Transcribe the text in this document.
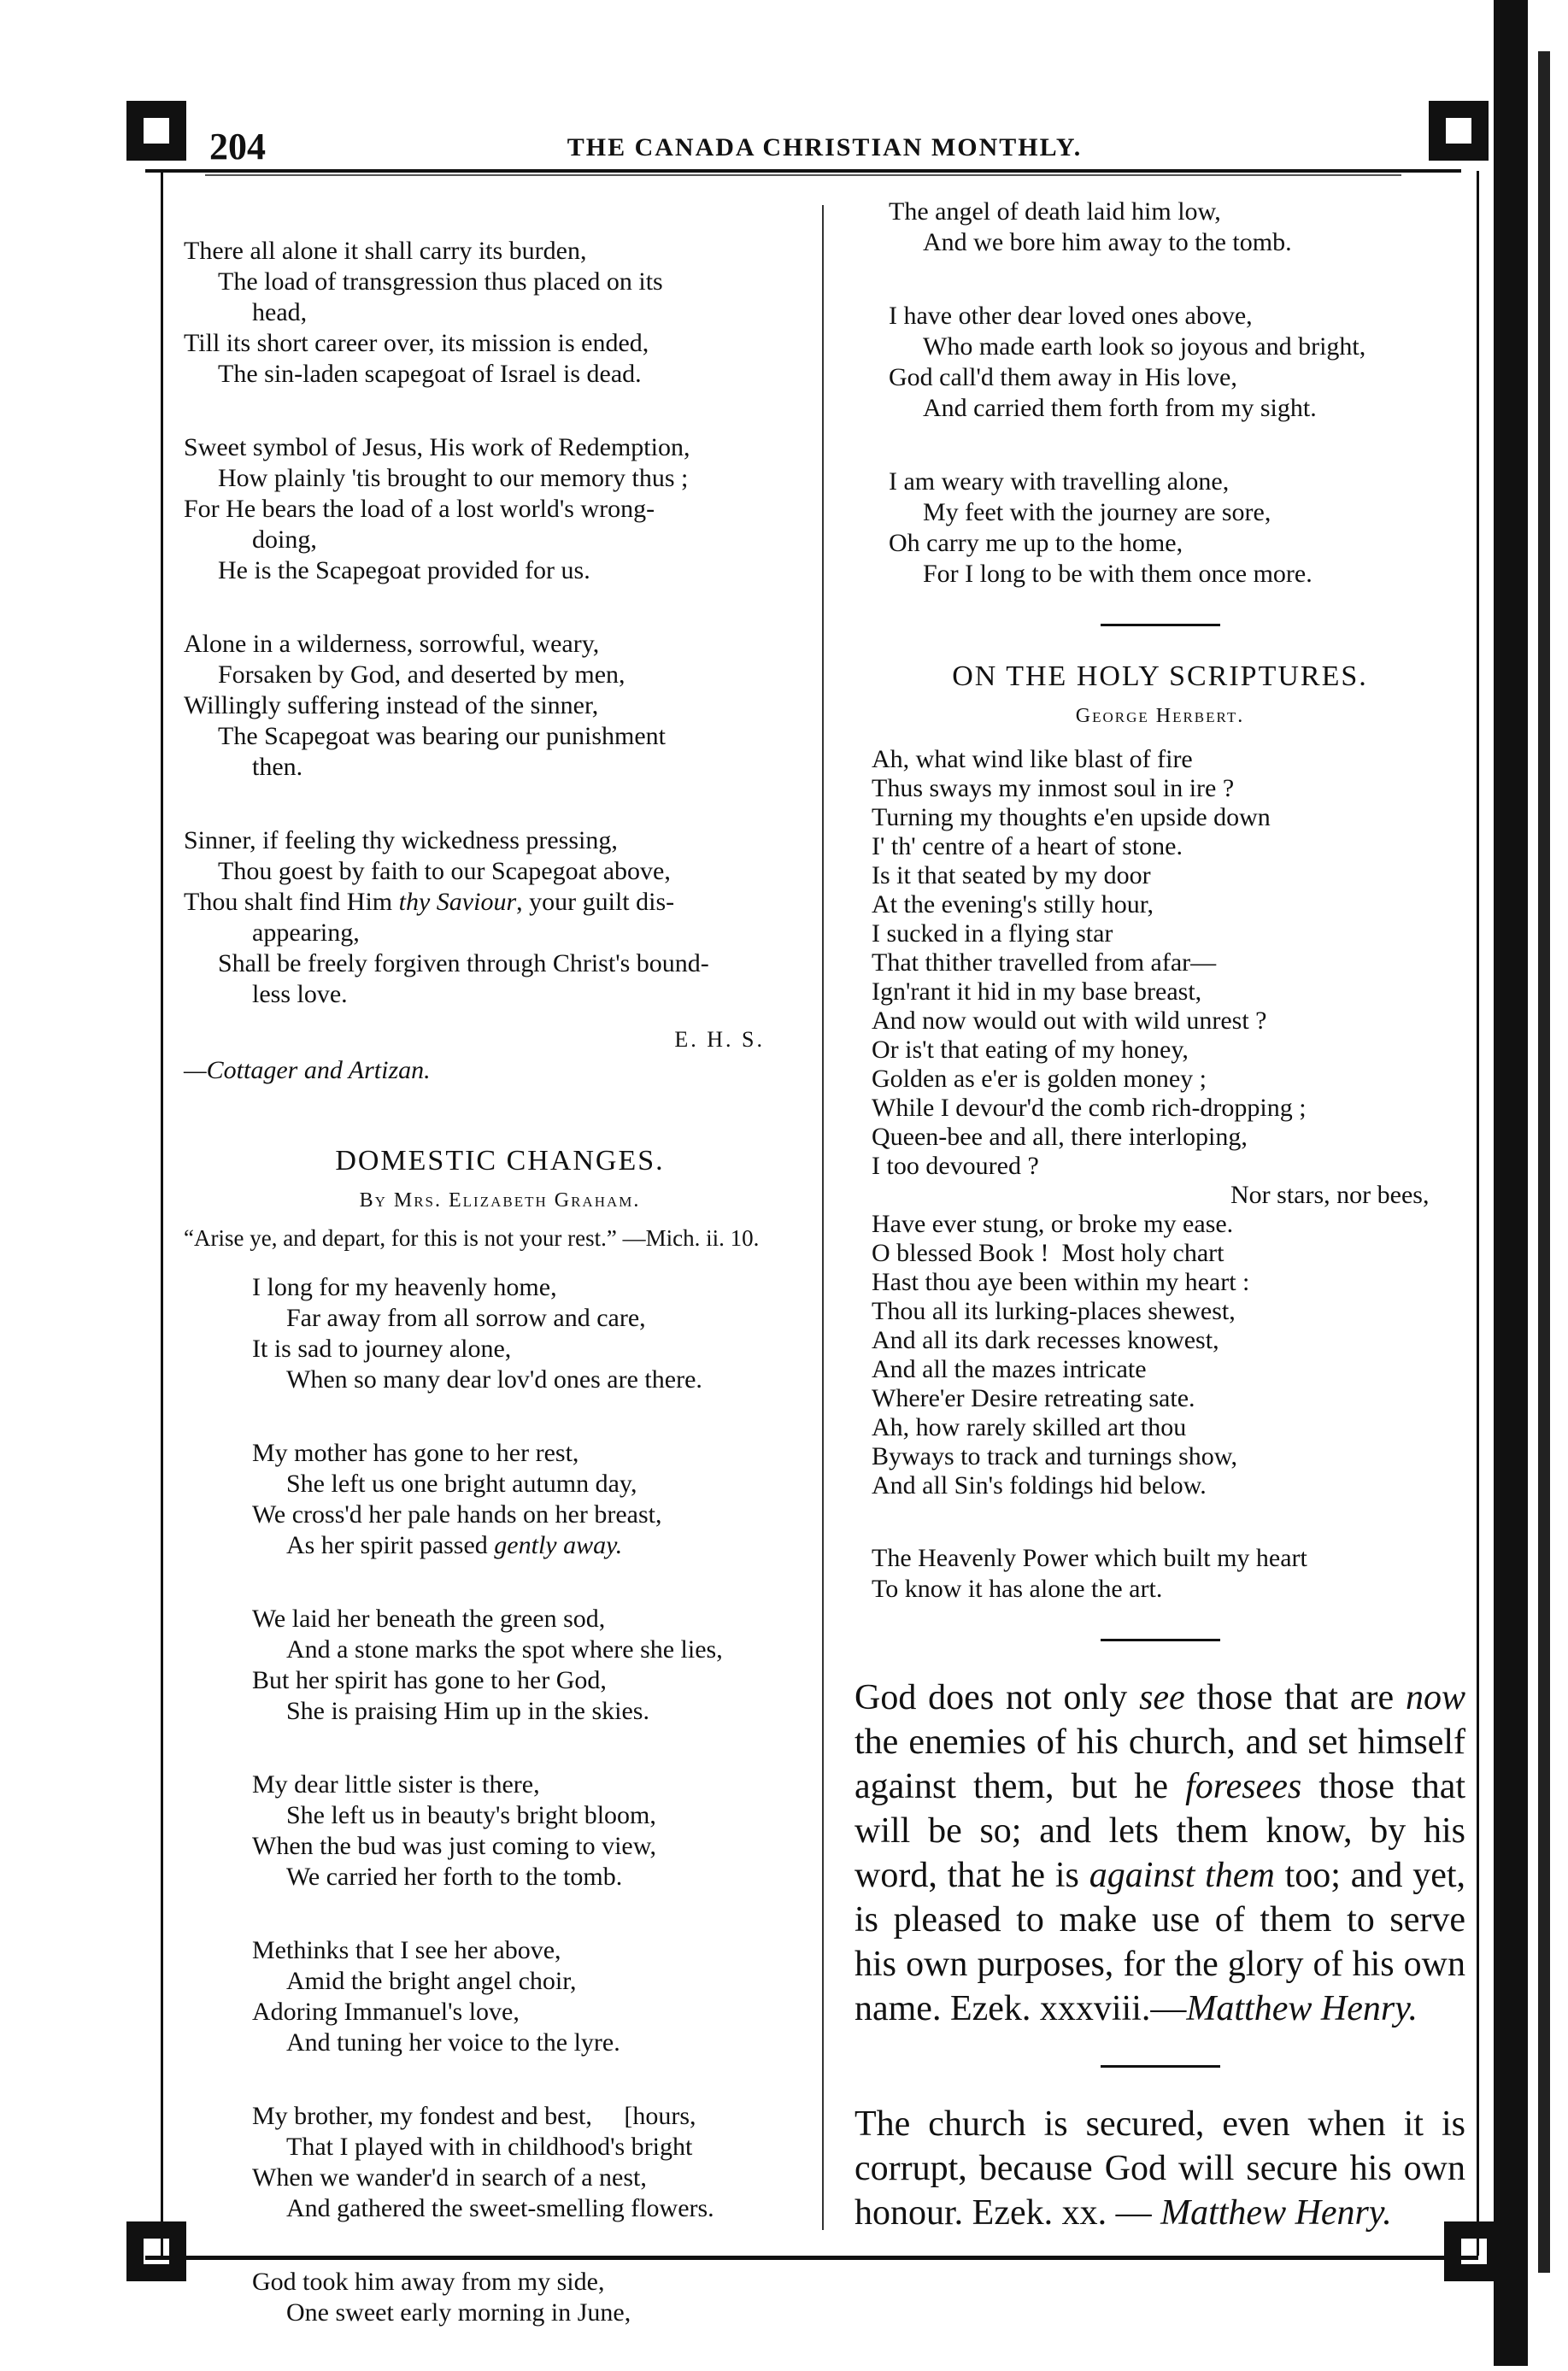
204	THE CANADA CHRISTIAN MONTHLY.
There all alone it shall carry its burden,
The load of transgression thus placed on its
head,
Till its short career over, its mission is ended,
The sin-laden scapegoat of Israel is dead.
Sweet symbol of Jesus, His work of Redemption,
How plainly 'tis brought to our memory thus ;
For He bears the load of a lost world's wrong-
doing,
He is the Scapegoat provided for us.
Alone in a wilderness, sorrowful, weary,
Forsaken by God, and deserted by men,
Willingly suffering instead of the sinner,
The Scapegoat was bearing our punishment
then.
Sinner, if feeling thy wickedness pressing,
Thou goest by faith to our Scapegoat above,
Thou shalt find Him thy Saviour, your guilt dis-
appearing,
Shall be freely forgiven through Christ's bound-
less love.
E. H. S.
—Cottager and Artizan.
DOMESTIC CHANGES.
By Mrs. Elizabeth Graham.
“Arise ye, and depart, for this is not your rest.” —Mich. ii. 10.
I long for my heavenly home,
Far away from all sorrow and care,
It is sad to journey alone,
When so many dear lov'd ones are there.
My mother has gone to her rest,
She left us one bright autumn day,
We cross'd her pale hands on her breast,
As her spirit passed gently away.
We laid her beneath the green sod,
And a stone marks the spot where she lies,
But her spirit has gone to her God,
She is praising Him up in the skies.
My dear little sister is there,
She left us in beauty's bright bloom,
When the bud was just coming to view,
We carried her forth to the tomb.
Methinks that I see her above,
Amid the bright angel choir,
Adoring Immanuel's love,
And tuning her voice to the lyre.
My brother, my fondest and best,     [hours,
That I played with in childhood's bright
When we wander'd in search of a nest,
And gathered the sweet-smelling flowers.
God took him away from my side,
One sweet early morning in June,
The angel of death laid him low,
And we bore him away to the tomb.
I have other dear loved ones above,
Who made earth look so joyous and bright,
God call'd them away in His love,
And carried them forth from my sight.
I am weary with travelling alone,
My feet with the journey are sore,
Oh carry me up to the home,
For I long to be with them once more.
ON THE HOLY SCRIPTURES.
George Herbert.
Ah, what wind like blast of fire
Thus sways my inmost soul in ire ?
Turning my thoughts e'en upside down
I' th' centre of a heart of stone.
Is it that seated by my door
At the evening's stilly hour,
I sucked in a flying star
That thither travelled from afar—
Ign'rant it hid in my base breast,
And now would out with wild unrest ?
Or is't that eating of my honey,
Golden as e'er is golden money ;
While I devour'd the comb rich-dropping ;
Queen-bee and all, there interloping,
I too devoured ?
Nor stars, nor bees,
Have ever stung, or broke my ease.
O blessed Book !  Most holy chart
Hast thou aye been within my heart :
Thou all its lurking-places shewest,
And all its dark recesses knowest,
And all the mazes intricate
Where'er Desire retreating sate.
Ah, how rarely skilled art thou
Byways to track and turnings show,
And all Sin's foldings hid below.
The Heavenly Power which built my heart
To know it has alone the art.
God does not only see those that are now the enemies of his church, and set himself against them, but he foresees those that will be so; and lets them know, by his word, that he is against them too; and yet, is pleased to make use of them to serve his own purposes, for the glory of his own name. Ezek. xxxviii.—Matthew Henry.
The church is secured, even when it is corrupt, because God will secure his own honour. Ezek. xx. — Matthew Henry.
